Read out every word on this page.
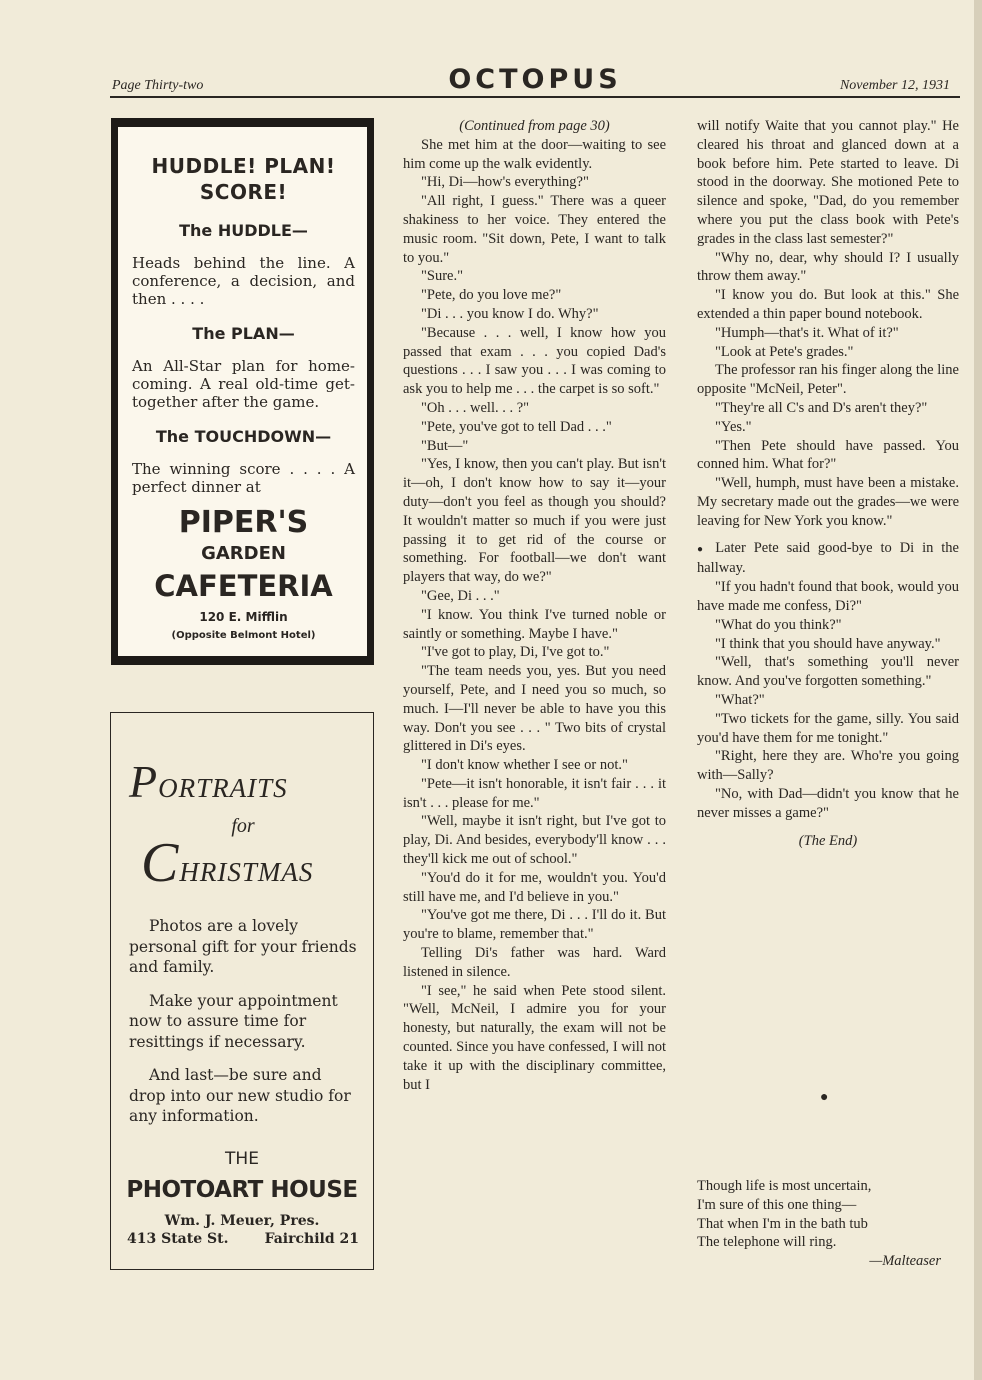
Page Thirty-two	OCTOPUS	November 12, 1931
HUDDLE! PLAN!
SCORE!
The HUDDLE—

Heads behind the line. A conference, a decision, and then . . . .

The PLAN—

An All-Star plan for home-coming. A real old-time get-together after the game.

The TOUCHDOWN—

The winning score . . . . A perfect dinner at

PIPER'S
GARDEN
CAFETERIA
120 E. Mifflin
(Opposite Belmont Hotel)
PORTRAITS
for
CHRISTMAS

Photos are a lovely personal gift for your friends and family.

Make your appointment now to assure time for resittings if necessary.

And last—be sure and drop into our new studio for any information.

THE
PHOTOART HOUSE
Wm. J. Meuer, Pres.
413 State St.	Fairchild 21

(Continued from page 30)

She met him at the door—waiting to see him come up the walk evidently.

"Hi, Di—how's everything?"

"All right, I guess." There was a queer shakiness to her voice. They entered the music room. "Sit down, Pete, I want to talk to you."

"Sure."

"Pete, do you love me?"

"Di . . . you know I do. Why?"

"Because . . . well, I know how you passed that exam . . . you copied Dad's questions . . . I saw you . . . I was coming to ask you to help me . . . the carpet is so soft."

"Oh . . . well. . . ?"

"Pete, you've got to tell Dad . . ."

"But—"

"Yes, I know, then you can't play. But isn't it—oh, I don't know how to say it—your duty—don't you feel as though you should? It wouldn't matter so much if you were just passing it to get rid of the course or something. For football—we don't want players that way, do we?"

"Gee, Di . . ."

"I know. You think I've turned noble or saintly or something. Maybe I have."

"I've got to play, Di, I've got to."

"The team needs you, yes. But you need yourself, Pete, and I need you so much, so much. I—I'll never be able to have you this way. Don't you see . . . " Two bits of crystal glittered in Di's eyes.

"I don't know whether I see or not."

"Pete—it isn't honorable, it isn't fair . . . it isn't . . . please for me."

"Well, maybe it isn't right, but I've got to play, Di. And besides, everybody'll know . . . they'll kick me out of school."

"You'd do it for me, wouldn't you. You'd still have me, and I'd believe in you."

"You've got me there, Di . . . I'll do it. But you're to blame, remember that."

Telling Di's father was hard. Ward listened in silence.

"I see," he said when Pete stood silent. "Well, McNeil, I admire you for your honesty, but naturally, the exam will not be counted. Since you have confessed, I will not take it up with the disciplinary committee, but I

will notify Waite that you cannot play." He cleared his throat and glanced down at a book before him. Pete started to leave. Di stood in the doorway. She motioned Pete to silence and spoke, "Dad, do you remember where you put the class book with Pete's grades in the class last semester?"

"Why no, dear, why should I? I usually throw them away."

"I know you do. But look at this." She extended a thin paper bound notebook.

"Humph—that's it. What of it?"

"Look at Pete's grades."

The professor ran his finger along the line opposite "McNeil, Peter".

"They're all C's and D's aren't they?"

"Yes."

"Then Pete should have passed. You conned him. What for?"

"Well, humph, must have been a mistake. My secretary made out the grades—we were leaving for New York you know."

● Later Pete said good-bye to Di in the hallway.

"If you hadn't found that book, would you have made me confess, Di?"

"What do you think?"

"I think that you should have anyway."

"Well, that's something you'll never know. And you've forgotten something."

"What?"

"Two tickets for the game, silly. You said you'd have them for me tonight."

"Right, here they are. Who're you going with—Sally?

"No, with Dad—didn't you know that he never misses a game?"

(The End)

●
Though life is most uncertain,
I'm sure of this one thing—
That when I'm in the bath tub
The telephone will ring.
—Malteaser
